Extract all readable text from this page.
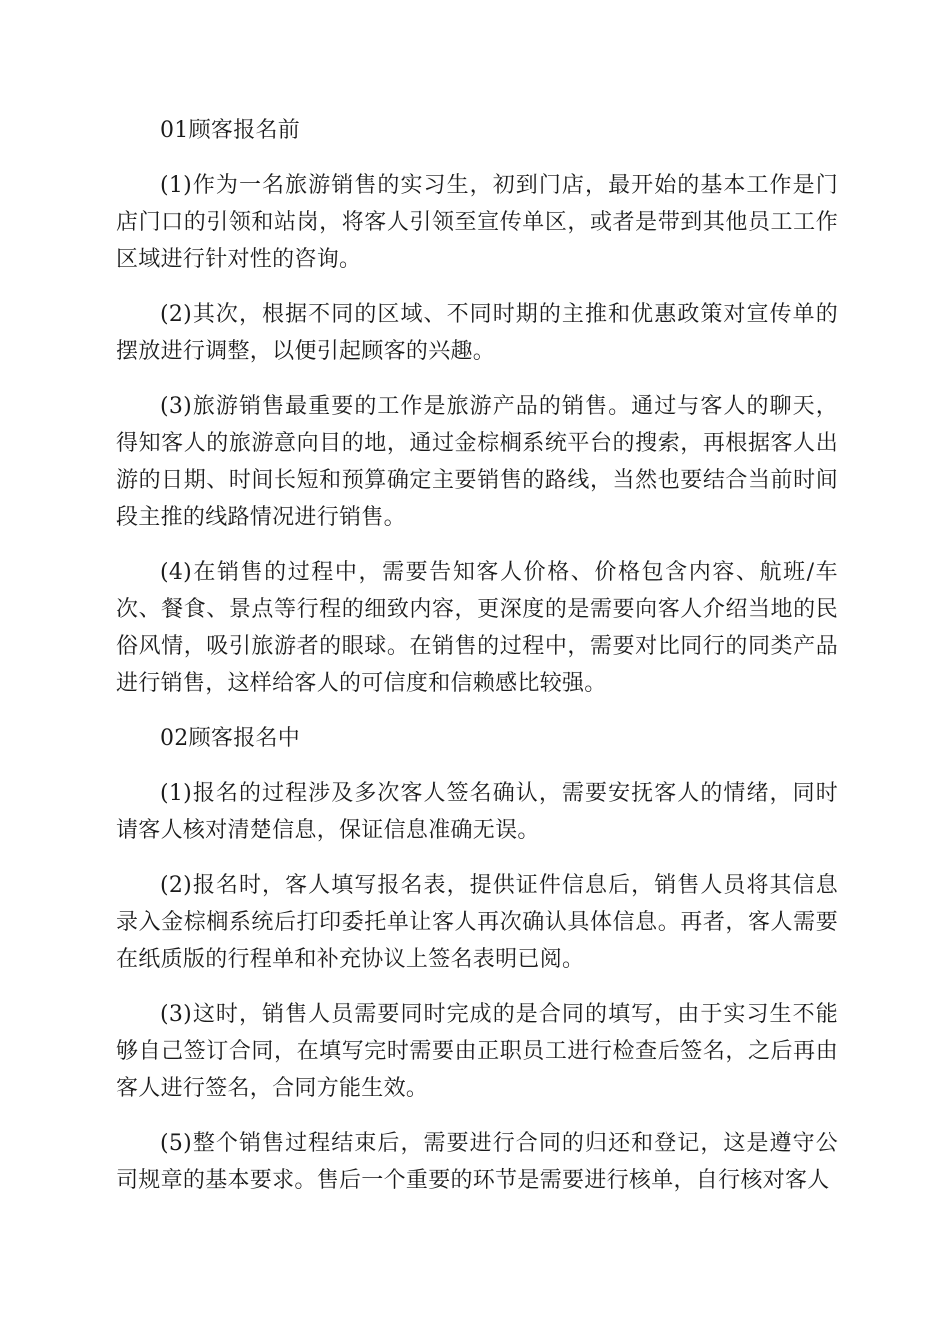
01顾客报名前

(1)作为一名旅游销售的实习生，初到门店，最开始的基本工作是门店门口的引领和站岗，将客人引领至宣传单区，或者是带到其他员工工作区域进行针对性的咨询。

(2)其次，根据不同的区域、不同时期的主推和优惠政策对宣传单的摆放进行调整，以便引起顾客的兴趣。

(3)旅游销售最重要的工作是旅游产品的销售。通过与客人的聊天，得知客人的旅游意向目的地，通过金棕榈系统平台的搜索，再根据客人出游的日期、时间长短和预算确定主要销售的路线，当然也要结合当前时间段主推的线路情况进行销售。

(4)在销售的过程中，需要告知客人价格、价格包含内容、航班/车次、餐食、景点等行程的细致内容，更深度的是需要向客人介绍当地的民俗风情，吸引旅游者的眼球。在销售的过程中，需要对比同行的同类产品进行销售，这样给客人的可信度和信赖感比较强。

02顾客报名中

(1)报名的过程涉及多次客人签名确认，需要安抚客人的情绪，同时请客人核对清楚信息，保证信息准确无误。

(2)报名时，客人填写报名表，提供证件信息后，销售人员将其信息录入金棕榈系统后打印委托单让客人再次确认具体信息。再者，客人需要在纸质版的行程单和补充协议上签名表明已阅。

(3)这时，销售人员需要同时完成的是合同的填写，由于实习生不能够自己签订合同，在填写完时需要由正职员工进行检查后签名，之后再由客人进行签名，合同方能生效。

(5)整个销售过程结束后，需要进行合同的归还和登记，这是遵守公司规章的基本要求。售后一个重要的环节是需要进行核单，自行核对客人
